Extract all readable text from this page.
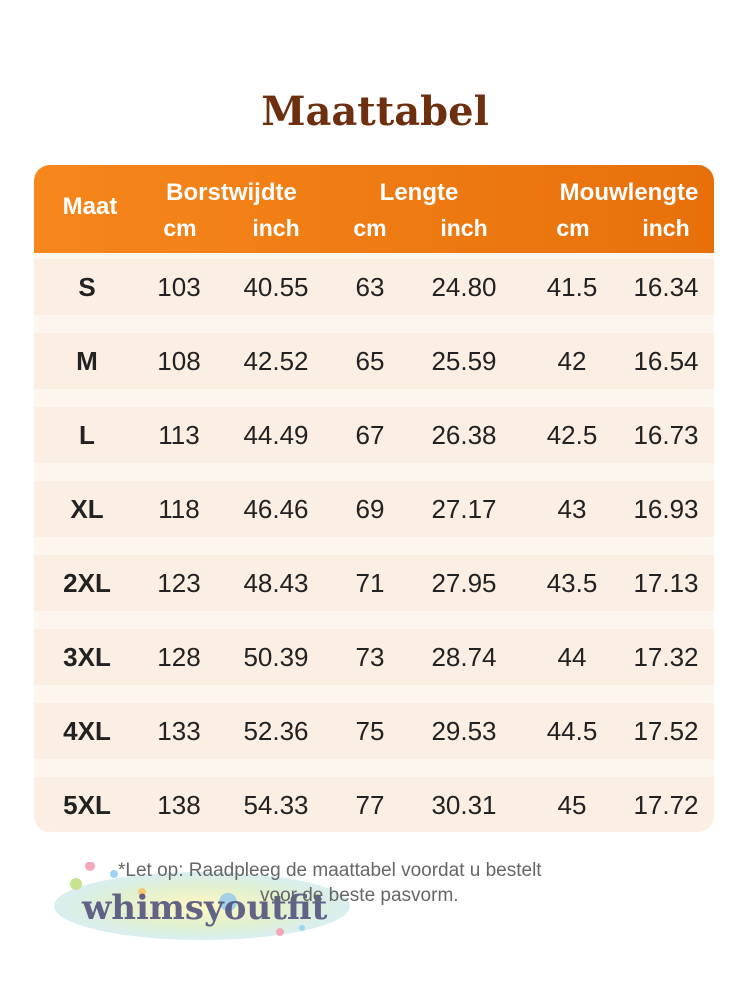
Maattabel
Maat
Borstwijdte	Lengte	Mouwlengte
cm	inch	cm	inch	cm	inch
S	103	40.55	63	24.80	41.5	16.34
M	108	42.52	65	25.59	42	16.54
L	113	44.49	67	26.38	42.5	16.73
XL	118	46.46	69	27.17	43	16.93
2XL	123	48.43	71	27.95	43.5	17.13
3XL	128	50.39	73	28.74	44	17.32
4XL	133	52.36	75	29.53	44.5	17.52
5XL	138	54.33	77	30.31	45	17.72
whimsyoutfit
*Let op: Raadpleeg de maattabel voordat u bestelt
voor de beste pasvorm.
